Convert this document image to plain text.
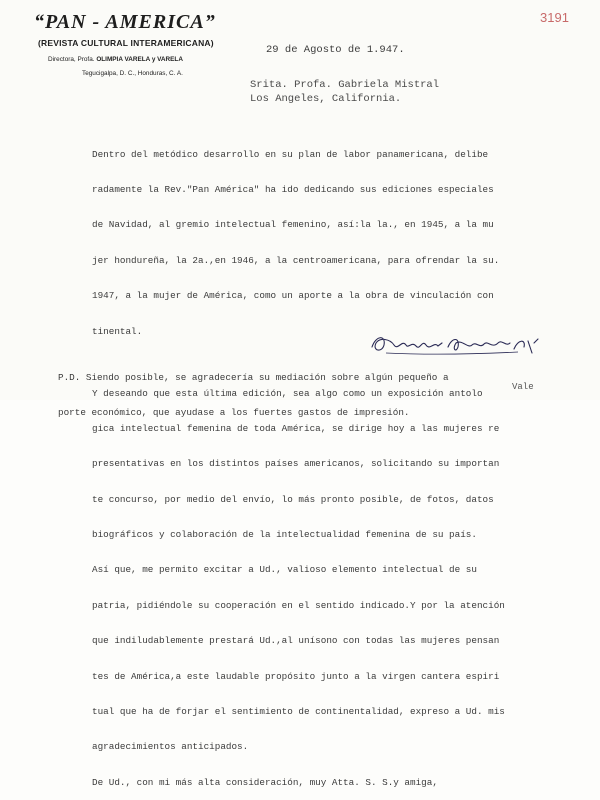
“PAN - AMERICA”
(REVISTA CULTURAL INTERAMERICANA)
Directora, Profa. OLIMPIA VARELA y VARELA
Tegucigalpa, D. C., Honduras, C. A.
3191
29 de Agosto de 1.947.
Srita. Profa. Gabriela Mistral
Los Angeles, California.

Dentro del metódico desarrollo en su plan de labor panamericana, delibe

radamente la Rev."Pan América" ha ido dedicando sus ediciones especiales

de Navidad, al gremio intelectual femenino, así:la la., en 1945, a la mu

jer hondureña, la 2a.,en 1946, a la centroamericana, para ofrendar la su.

1947, a la mujer de América, como un aporte a la obra de vinculación con

tinental.

Y deseando que esta última edición, sea algo como un exposición antolo

gica intelectual femenina de toda América, se dirige hoy a las mujeres re

presentativas en los distintos países americanos, solicitando su importan

te concurso, por medio del envío, lo más pronto posible, de fotos, datos

biográficos y colaboración de la intelectualidad femenina de su país.

Así que, me permito excitar a Ud., valioso elemento intelectual de su

patria, pidiéndole su cooperación en el sentido indicado.Y por la atención

que indiludablemente prestará Ud.,al unísono con todas las mujeres pensan

tes de América,a este laudable propósito junto a la virgen cantera espiri

tual que ha de forjar el sentimiento de continentalidad, expreso a Ud. mis

agradecimientos anticipados.

De Ud., con mi más alta consideración, muy Atta. S. S.y amiga,

P.D. Siendo posible, se agradecería su mediación sobre algún pequeño a

porte económico, que ayudase a los fuertes gastos de impresión.

Vale
